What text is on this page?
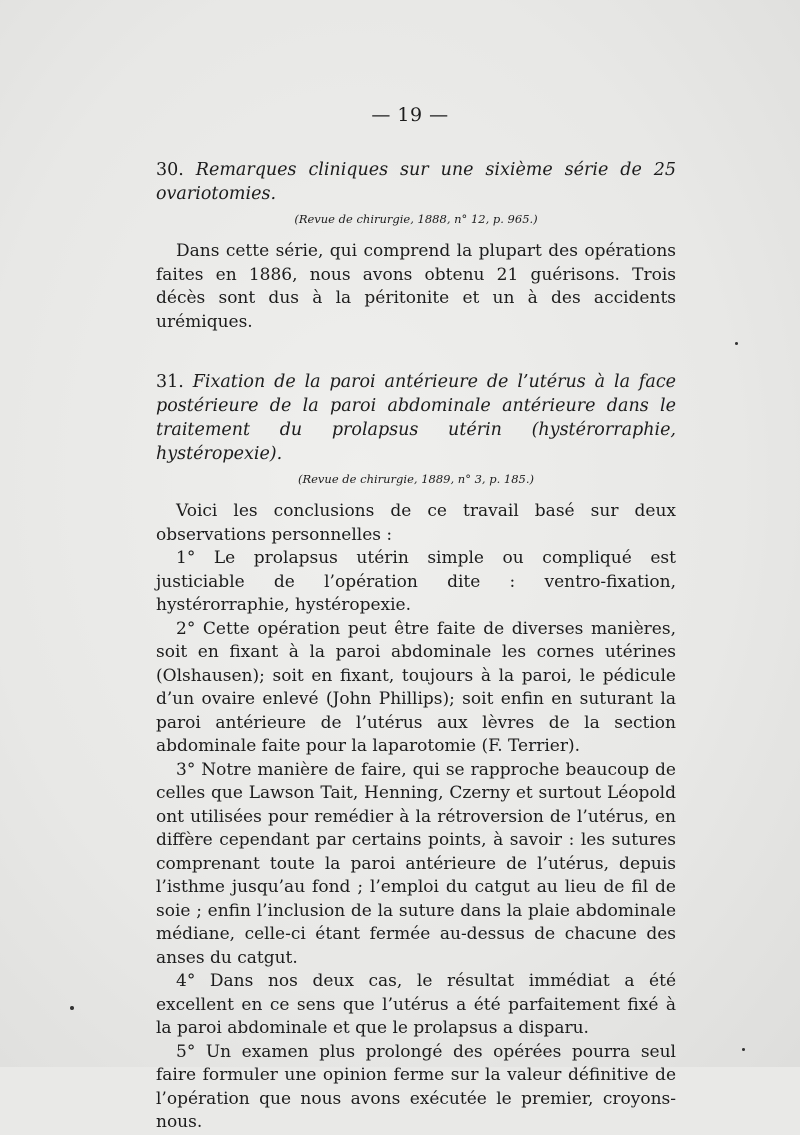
— 19 —

30. Remarques cliniques sur une sixième série de 25 ovariotomies.

(Revue de chirurgie, 1888, n° 12, p. 965.)

Dans cette série, qui comprend la plupart des opérations faites en 1886, nous avons obtenu 21 guérisons. Trois décès sont dus à la péritonite et un à des accidents urémiques.

31. Fixation de la paroi antérieure de l’utérus à la face postérieure de la paroi abdominale antérieure dans le traitement du prolapsus utérin (hystérorraphie, hystéropexie).

(Revue de chirurgie, 1889, n° 3, p. 185.)

Voici les conclusions de ce travail basé sur deux observations personnelles :

1° Le prolapsus utérin simple ou compliqué est justiciable de l’opération dite : ventro-fixation, hystérorraphie, hystéropexie.

2° Cette opération peut être faite de diverses manières, soit en fixant à la paroi abdominale les cornes utérines (Olshausen); soit en fixant, toujours à la paroi, le pédicule d’un ovaire enlevé (John Phillips); soit enfin en suturant la paroi antérieure de l’utérus aux lèvres de la section abdominale faite pour la laparotomie (F. Terrier).

3° Notre manière de faire, qui se rapproche beaucoup de celles que Lawson Tait, Henning, Czerny et surtout Léopold ont utilisées pour remédier à la rétroversion de l’utérus, en diffère cependant par certains points, à savoir : les sutures comprenant toute la paroi antérieure de l’utérus, depuis l’isthme jusqu’au fond ; l’emploi du catgut au lieu de fil de soie ; enfin l’inclusion de la suture dans la plaie abdominale médiane, celle-ci étant fermée au-dessus de chacune des anses du catgut.

4° Dans nos deux cas, le résultat immédiat a été excellent en ce sens que l’utérus a été parfaitement fixé à la paroi abdominale et que le prolapsus a disparu.

5° Un examen plus prolongé des opérées pourra seul faire formuler une opinion ferme sur la valeur définitive de l’opération que nous avons exécutée le premier, croyons-nous.
